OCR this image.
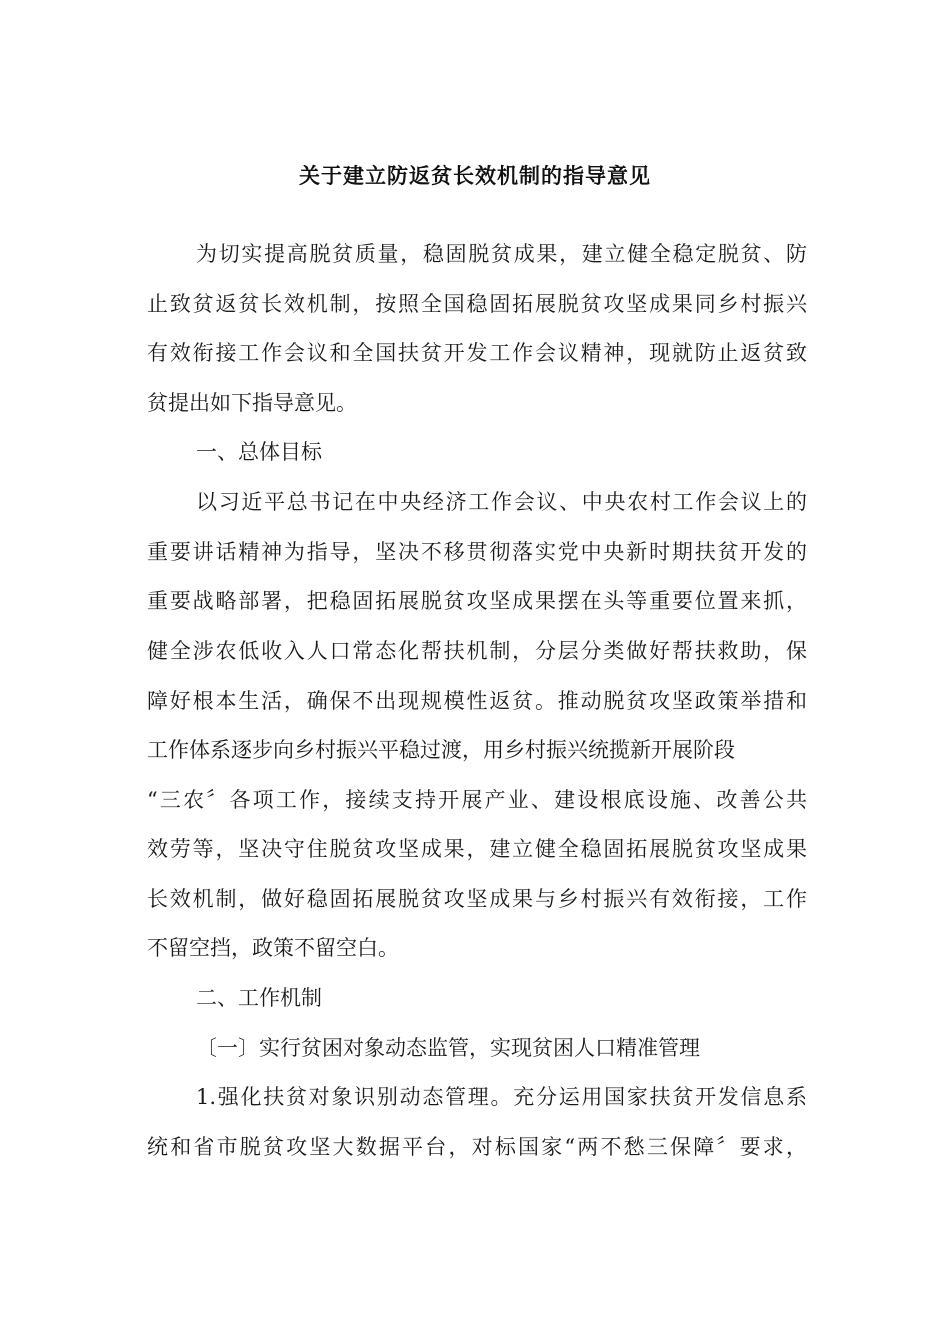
关于建立防返贫长效机制的指导意见
为切实提高脱贫质量，稳固脱贫成果，建立健全稳定脱贫、防
止致贫返贫长效机制，按照全国稳固拓展脱贫攻坚成果同乡村振兴
有效衔接工作会议和全国扶贫开发工作会议精神，现就防止返贫致
贫提出如下指导意见。
一、总体目标
以习近平总书记在中央经济工作会议、中央农村工作会议上的
重要讲话精神为指导，坚决不移贯彻落实党中央新时期扶贫开发的
重要战略部署，把稳固拓展脱贫攻坚成果摆在头等重要位置来抓，
健全涉农低收入人口常态化帮扶机制，分层分类做好帮扶救助，保
障好根本生活，确保不出现规模性返贫。推动脱贫攻坚政策举措和
工作体系逐步向乡村振兴平稳过渡，用乡村振兴统揽新开展阶段
“三农〞各项工作，接续支持开展产业、建设根底设施、改善公共
效劳等，坚决守住脱贫攻坚成果，建立健全稳固拓展脱贫攻坚成果
长效机制，做好稳固拓展脱贫攻坚成果与乡村振兴有效衔接，工作
不留空挡，政策不留空白。
二、工作机制
〔一〕实行贫困对象动态监管，实现贫困人口精准管理
1.强化扶贫对象识别动态管理。充分运用国家扶贫开发信息系
统和省市脱贫攻坚大数据平台，对标国家“两不愁三保障〞要求，
